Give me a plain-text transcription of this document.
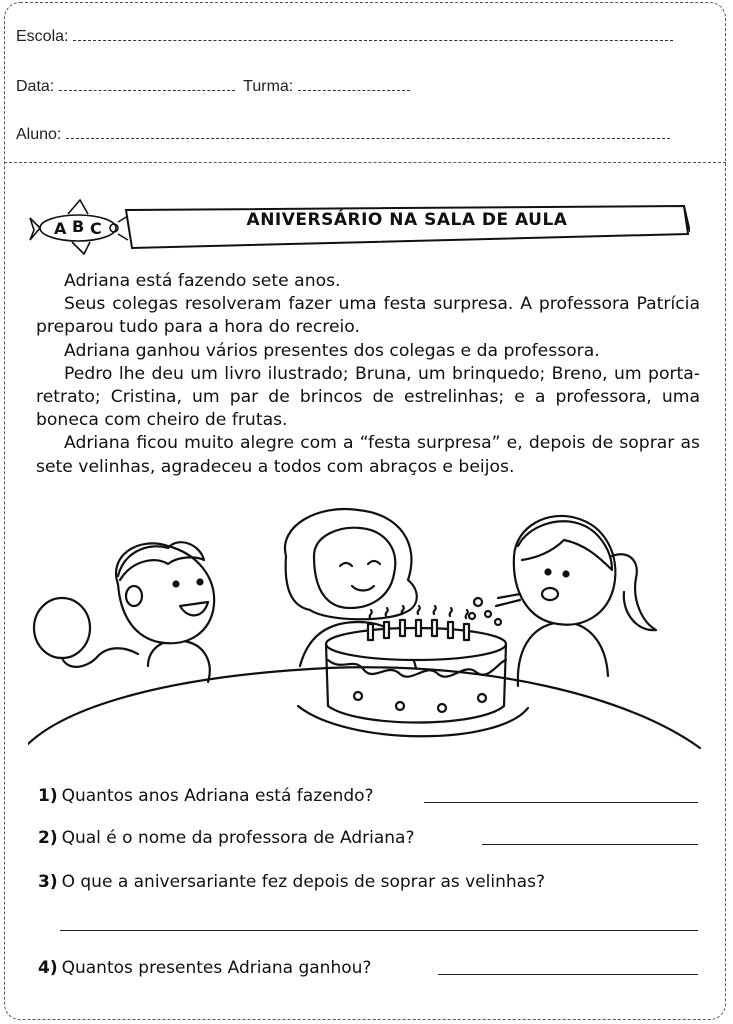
Escola:
Data:	Turma:
Aluno:
A B C	ANIVERSÁRIO NA SALA DE AULA

Adriana está fazendo sete anos.

Seus colegas resolveram fazer uma festa surpresa. A professora Patrícia preparou tudo para a hora do recreio.

Adriana ganhou vários presentes dos colegas e da professora.

Pedro lhe deu um livro ilustrado; Bruna, um brinquedo; Breno, um porta-retrato; Cristina, um par de brincos de estrelinhas; e a professora, uma boneca com cheiro de frutas.

Adriana ficou muito alegre com a “festa surpresa” e, depois de soprar as sete velinhas, agradeceu a todos com abraços e beijos.

1) Quantos anos Adriana está fazendo?
2) Qual é o nome da professora de Adriana?
3) O que a aniversariante fez depois de soprar as velinhas?
4) Quantos presentes Adriana ganhou?
